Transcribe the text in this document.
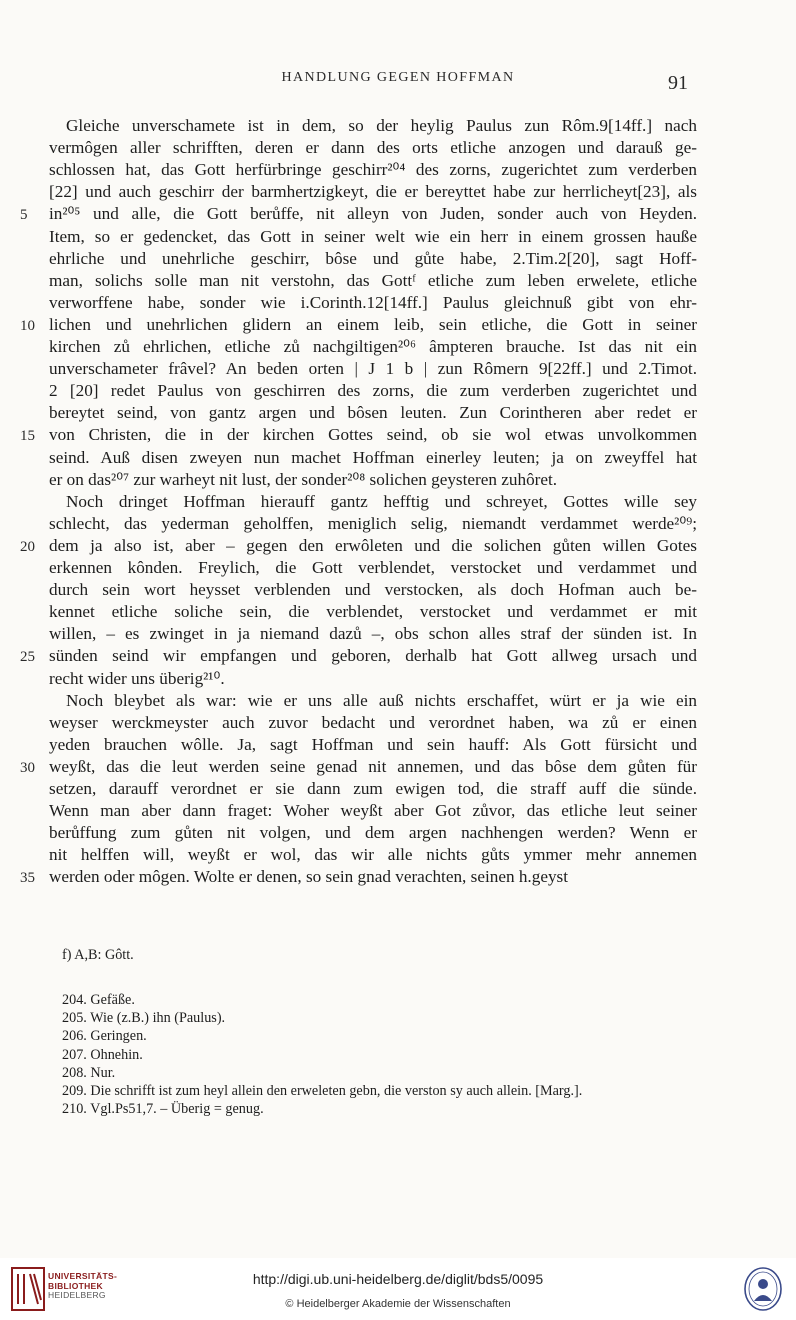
HANDLUNG GEGEN HOFFMAN	91
Gleiche unverschamete ist in dem, so der heylig Paulus zun Rôm.9[14ff.] nach
vermôgen aller schrifften, deren er dann des orts etliche anzogen und darauß ge-
schlossen hat, das Gott herfürbringe geschirr²⁰⁴ des zorns, zugerichtet zum verderben
[22] und auch geschirr der barmhertzigkeyt, die er bereyttet habe zur herrlicheyt[23], als
in²⁰⁵ und alle, die Gott berůffe, nit alleyn von Juden, sonder auch von Heyden.
5
Item, so er gedencket, das Gott in seiner welt wie ein herr in einem grossen hauße
ehrliche und unehrliche geschirr, bôse und gůte habe, 2.Tim.2[20], sagt Hoff-
man, solichs solle man nit verstohn, das Gottᶠ etliche zum leben erwelete, etliche
verworffene habe, sonder wie i.Corinth.12[14ff.] Paulus gleichnuß gibt von ehr-
lichen und unehrlichen glidern an einem leib, sein etliche, die Gott in seiner
10
kirchen zů ehrlichen, etliche zů nachgiltigen²⁰⁶ âmpteren brauche. Ist das nit ein
unverschameter frâvel? An beden orten | J 1 b | zun Rômern 9[22ff.] und 2.Timot.
2 [20] redet Paulus von geschirren des zorns, die zum verderben zugerichtet und
bereytet seind, von gantz argen und bôsen leuten. Zun Corintheren aber redet er
von Christen, die in der kirchen Gottes seind, ob sie wol etwas unvolkommen
15
seind. Auß disen zweyen nun machet Hoffman einerley leuten; ja on zweyffel hat
er on das²⁰⁷ zur warheyt nit lust, der sonder²⁰⁸ solichen geysteren zuhôret.
Noch dringet Hoffman hierauff gantz hefftig und schreyet, Gottes wille sey
schlecht, das yederman geholffen, meniglich selig, niemandt verdammet werde²⁰⁹;
dem ja also ist, aber – gegen den erwôleten und die solichen gůten willen Gotes
20
erkennen kônden. Freylich, die Gott verblendet, verstocket und verdammet und
durch sein wort heysset verblenden und verstocken, als doch Hofman auch be-
kennet etliche soliche sein, die verblendet, verstocket und verdammet er mit
willen, – es zwinget in ja niemand dazů –, obs schon alles straf der sünden ist. In
sünden seind wir empfangen und geboren, derhalb hat Gott allweg ursach und
25
recht wider uns überig²¹⁰.
Noch bleybet als war: wie er uns alle auß nichts erschaffet, würt er ja wie ein
weyser werckmeyster auch zuvor bedacht und verordnet haben, wa zů er einen
yeden brauchen wôlle. Ja, sagt Hoffman und sein hauff: Als Gott fürsicht und
weyßt, das die leut werden seine genad nit annemen, und das bôse dem gůten für
30
setzen, darauff verordnet er sie dann zum ewigen tod, die straff auff die sünde.
Wenn man aber dann fraget: Woher weyßt aber Got zůvor, das etliche leut seiner
berůffung zum gůten nit volgen, und dem argen nachhengen werden? Wenn er
nit helffen will, weyßt er wol, das wir alle nichts gůts ymmer mehr annemen
werden oder môgen. Wolte er denen, so sein gnad verachten, seinen h.geyst
35
f) A,B: Gôtt.
204. Gefäße.
205. Wie (z.B.) ihn (Paulus).
206. Geringen.
207. Ohnehin.
208. Nur.
209. Die schrifft ist zum heyl allein den erweleten gebn, die verston sy auch allein. [Marg.].
210. Vgl.Ps51,7. – Überig = genug.
UNIVERSITÄTS-
BIBLIOTHEK
HEIDELBERG
http://digi.ub.uni-heidelberg.de/diglit/bds5/0095
© Heidelberger Akademie der Wissenschaften
